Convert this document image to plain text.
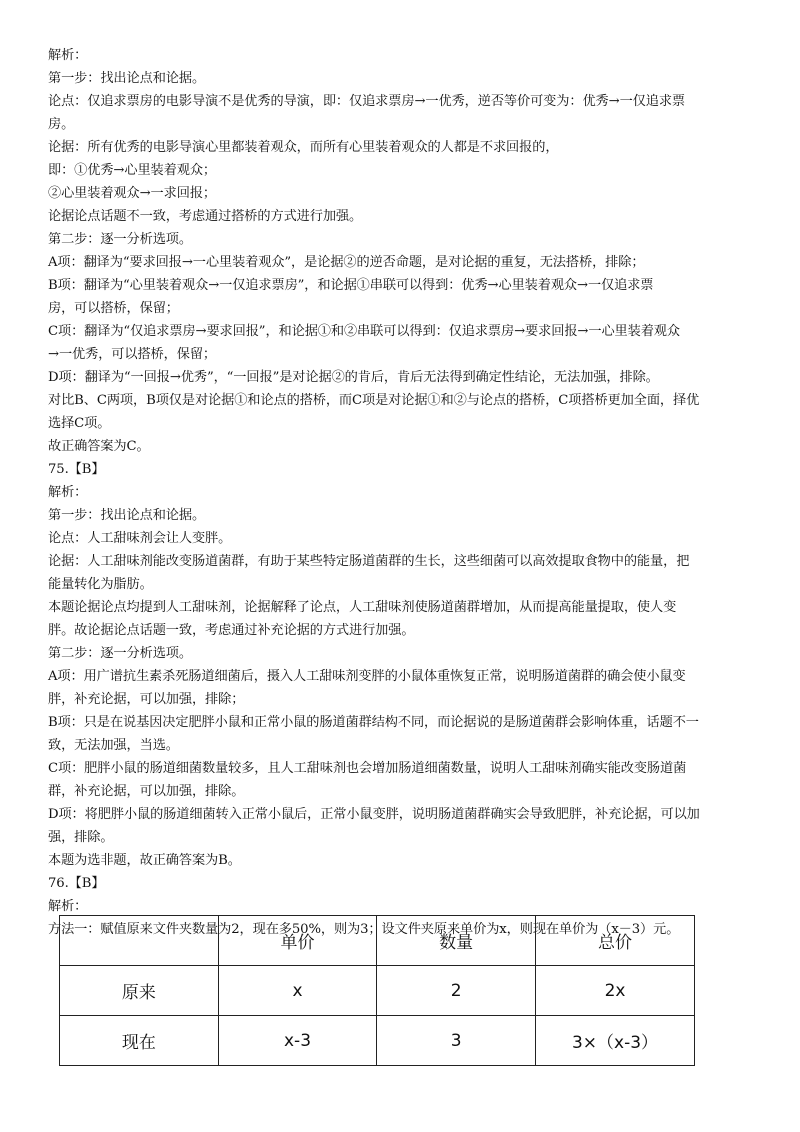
解析：
第一步：找出论点和论据。
论点：仅追求票房的电影导演不是优秀的导演，即：仅追求票房→一优秀，逆否等价可变为：优秀→一仅追求票
房。
论据：所有优秀的电影导演心里都装着观众，而所有心里装着观众的人都是不求回报的，
即：①优秀→心里装着观众；
②心里装着观众→一求回报；
论据论点话题不一致，考虑通过搭桥的方式进行加强。
第二步：逐一分析选项。
A项：翻译为“要求回报→一心里装着观众”，是论据②的逆否命题，是对论据的重复，无法搭桥，排除；
B项：翻译为“心里装着观众→一仅追求票房”，和论据①串联可以得到：优秀→心里装着观众→一仅追求票
房，可以搭桥，保留；
C项：翻译为“仅追求票房→要求回报”，和论据①和②串联可以得到：仅追求票房→要求回报→一心里装着观众
→一优秀，可以搭桥，保留；
D项：翻译为“一回报→优秀”，“一回报”是对论据②的肯后，肯后无法得到确定性结论，无法加强，排除。
对比B、C两项，B项仅是对论据①和论点的搭桥，而C项是对论据①和②与论点的搭桥，C项搭桥更加全面，择优
选择C项。
故正确答案为C。
75.【B】
解析：
第一步：找出论点和论据。
论点：人工甜味剂会让人变胖。
论据：人工甜味剂能改变肠道菌群，有助于某些特定肠道菌群的生长，这些细菌可以高效提取食物中的能量，把
能量转化为脂肪。
本题论据论点均提到人工甜味剂，论据解释了论点，人工甜味剂使肠道菌群增加，从而提高能量提取，使人变
胖。故论据论点话题一致，考虑通过补充论据的方式进行加强。
第二步：逐一分析选项。
A项：用广谱抗生素杀死肠道细菌后，摄入人工甜味剂变胖的小鼠体重恢复正常，说明肠道菌群的确会使小鼠变
胖，补充论据，可以加强，排除；
B项：只是在说基因决定肥胖小鼠和正常小鼠的肠道菌群结构不同，而论据说的是肠道菌群会影响体重，话题不一
致，无法加强，当选。
C项：肥胖小鼠的肠道细菌数量较多，且人工甜味剂也会增加肠道细菌数量，说明人工甜味剂确实能改变肠道菌
群，补充论据，可以加强，排除。
D项：将肥胖小鼠的肠道细菌转入正常小鼠后，正常小鼠变胖，说明肠道菌群确实会导致肥胖，补充论据，可以加
强，排除。
本题为选非题，故正确答案为B。
76.【B】
解析：
方法一：赋值原来文件夹数量为2，现在多50%，则为3；设文件夹原来单价为x，则现在单价为（x－3）元。
	单价	数量	总价
原来	x	2	2x
现在	x-3	3	3×（x-3）
